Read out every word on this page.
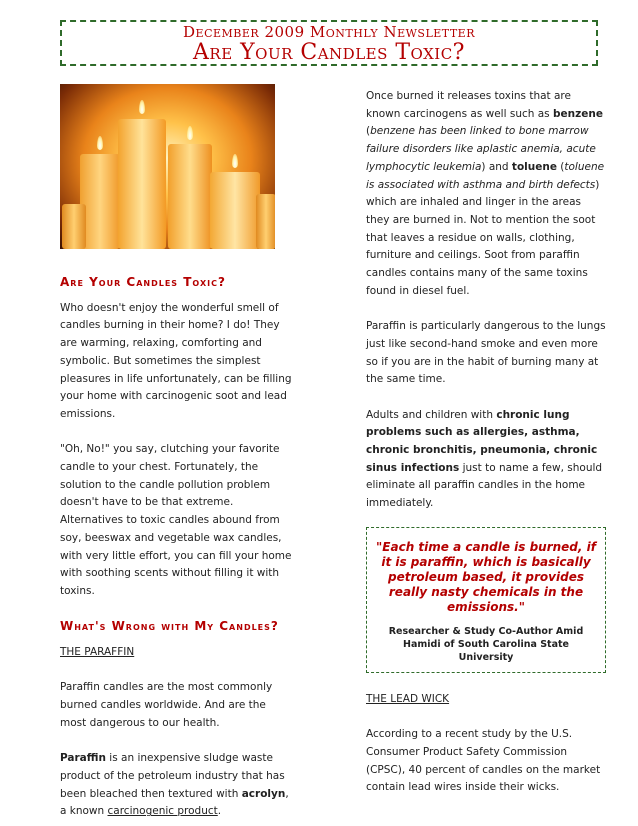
December 2009 Monthly Newsletter
Are Your Candles Toxic?
Are Your Candles Toxic?

Who doesn't enjoy the wonderful smell of candles burning in their home? I do! They are warming, relaxing, comforting and symbolic. But sometimes the simplest pleasures in life unfortunately, can be filling your home with carcinogenic soot and lead emissions.

"Oh, No!" you say, clutching your favorite candle to your chest. Fortunately, the solution to the candle pollution problem doesn't have to be that extreme. Alternatives to toxic candles abound from soy, beeswax and vegetable wax candles, with very little effort, you can fill your home with soothing scents without filling it with toxins.

What's Wrong with My Candles?
THE PARAFFIN

Paraffin candles are the most commonly burned candles worldwide. And are the most dangerous to our health.

Paraffin is an inexpensive sludge waste product of the petroleum industry that has been bleached then textured with acrolyn, a known carcinogenic product.

Once burned it releases toxins that are known carcinogens as well such as benzene (benzene has been linked to bone marrow failure disorders like aplastic anemia, acute lymphocytic leukemia) and toluene (toluene is associated with asthma and birth defects) which are inhaled and linger in the areas they are burned in. Not to mention the soot that leaves a residue on walls, clothing, furniture and ceilings. Soot from paraffin candles contains many of the same toxins found in diesel fuel.

Paraffin is particularly dangerous to the lungs just like second-hand smoke and even more so if you are in the habit of burning many at the same time.

Adults and children with chronic lung problems such as allergies, asthma, chronic bronchitis, pneumonia, chronic sinus infections just to name a few, should eliminate all paraffin candles in the home immediately.

"Each time a candle is burned, if it is paraffin, which is basically petroleum based, it provides really nasty chemicals in the emissions."
Researcher & Study Co-Author Amid Hamidi of South Carolina State University
THE LEAD WICK

According to a recent study by the U.S. Consumer Product Safety Commission (CPSC), 40 percent of candles on the market contain lead wires inside their wicks.
